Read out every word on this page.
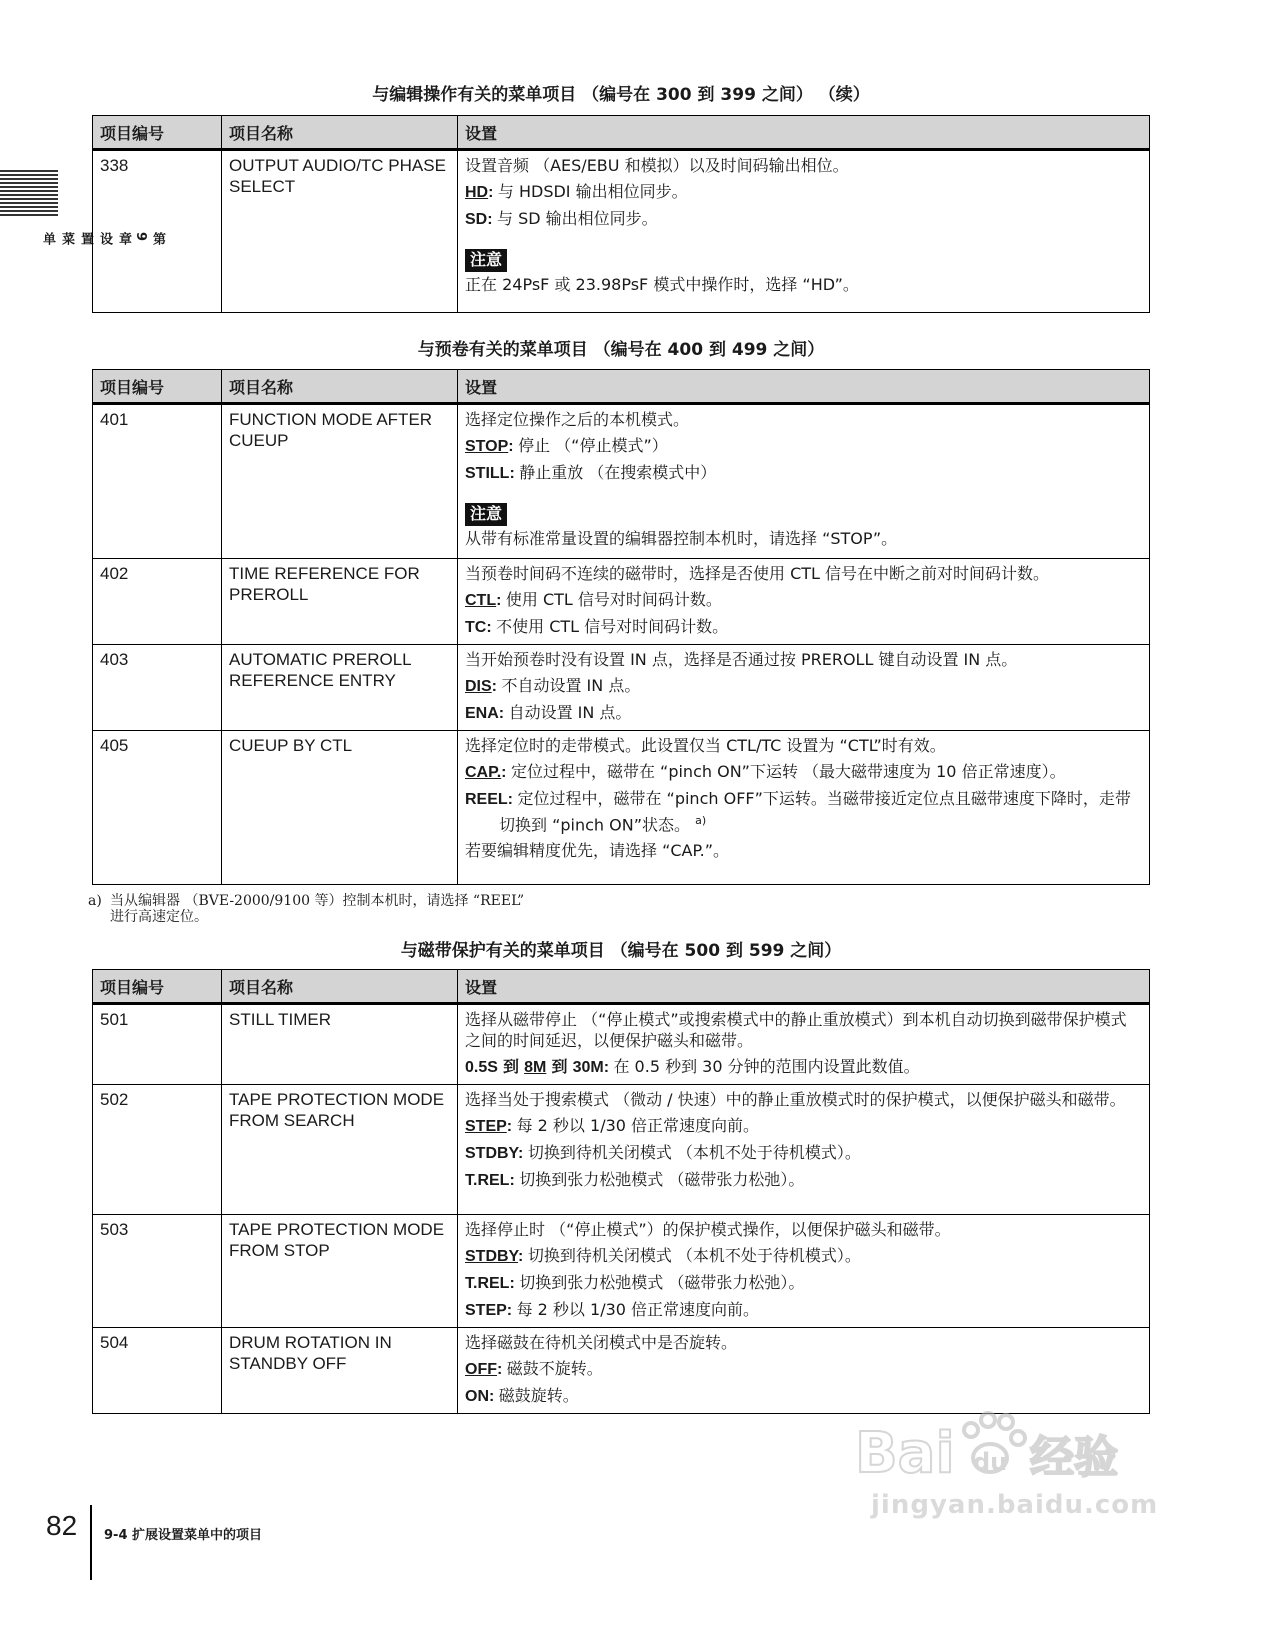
第 9 章 设置菜单
与编辑操作有关的菜单项目 （编号在 300 到 399 之间） （续）
项目编号	项目名称	设置
338	OUTPUT AUDIO/TC PHASE SELECT	设置音频 （AES/EBU 和模拟）以及时间码输出相位。

HD: 与 HDSDI 输出相位同步。

SD: 与 SD 输出相位同步。

注意

正在 24PsF 或 23.98PsF 模式中操作时，选择 “HD”。

与预卷有关的菜单项目 （编号在 400 到 499 之间）
项目编号	项目名称	设置
401	FUNCTION MODE AFTER CUEUP	选择定位操作之后的本机模式。

STOP: 停止 （“停止模式”）

STILL: 静止重放 （在搜索模式中）

注意

从带有标准常量设置的编辑器控制本机时，请选择 “STOP”。

402	TIME REFERENCE FOR PREROLL	当预卷时间码不连续的磁带时，选择是否使用 CTL 信号在中断之前对时间码计数。

CTL: 使用 CTL 信号对时间码计数。

TC: 不使用 CTL 信号对时间码计数。

403	AUTOMATIC PREROLL REFERENCE ENTRY	当开始预卷时没有设置 IN 点，选择是否通过按 PREROLL 键自动设置 IN 点。

DIS: 不自动设置 IN 点。

ENA: 自动设置 IN 点。

405	CUEUP BY CTL	选择定位时的走带模式。此设置仅当 CTL/TC 设置为 “CTL”时有效。

CAP.: 定位过程中，磁带在 “pinch ON”下运转 （最大磁带速度为 10 倍正常速度）。

REEL: 定位过程中，磁带在 “pinch OFF”下运转。当磁带接近定位点且磁带速度下降时，走带切换到 “pinch ON”状态。 $^{a)}$

若要编辑精度优先，请选择 “CAP.”。

a) 当从编辑器 （BVE-2000/9100 等）控制本机时，请选择 “REEL”
进行高速定位。
与磁带保护有关的菜单项目 （编号在 500 到 599 之间）
项目编号	项目名称	设置
501	STILL TIMER	选择从磁带停止 （“停止模式”或搜索模式中的静止重放模式）到本机自动切换到磁带保护模式之间的时间延迟，以便保护磁头和磁带。

0.5S 到 8M 到 30M: 在 0.5 秒到 30 分钟的范围内设置此数值。

502	TAPE PROTECTION MODE FROM SEARCH	选择当处于搜索模式 （微动 / 快速）中的静止重放模式时的保护模式，以便保护磁头和磁带。

STEP: 每 2 秒以 1/30 倍正常速度向前。

STDBY: 切换到待机关闭模式 （本机不处于待机模式）。

T.REL: 切换到张力松弛模式 （磁带张力松弛）。

503	TAPE PROTECTION MODE FROM STOP	选择停止时 （“停止模式”）的保护模式操作，以便保护磁头和磁带。

STDBY: 切换到待机关闭模式 （本机不处于待机模式）。

T.REL: 切换到张力松弛模式 （磁带张力松弛）。

STEP: 每 2 秒以 1/30 倍正常速度向前。

504	DRUM ROTATION IN STANDBY OFF	选择磁鼓在待机关闭模式中是否旋转。

OFF: 磁鼓不旋转。

ON: 磁鼓旋转。

Bai du 经验
jingyan.baidu.com
82 9-4 扩展设置菜单中的项目
